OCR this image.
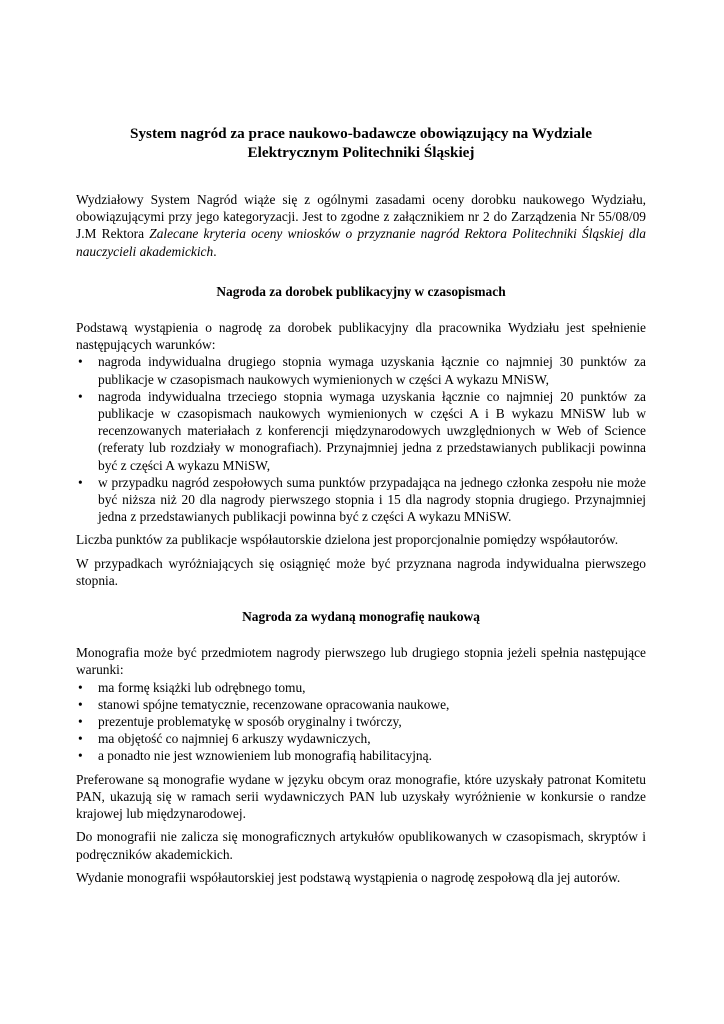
System nagród za prace naukowo-badawcze obowiązujący na Wydziale
Elektrycznym Politechniki Śląskiej

Wydziałowy System Nagród wiąże się z ogólnymi zasadami oceny dorobku naukowego Wydziału, obowiązującymi przy jego kategoryzacji. Jest to zgodne z załącznikiem nr 2 do Zarządzenia Nr 55/08/09 J.M Rektora Zalecane kryteria oceny wniosków o przyznanie nagród Rektora Politechniki Śląskiej dla nauczycieli akademickich.

Nagroda za dorobek publikacyjny w czasopismach

Podstawą wystąpienia o nagrodę za dorobek publikacyjny dla pracownika Wydziału jest spełnienie następujących warunków:

• nagroda indywidualna drugiego stopnia wymaga uzyskania łącznie co najmniej 30 punktów za publikacje w czasopismach naukowych wymienionych w części A wykazu MNiSW,
• nagroda indywidualna trzeciego stopnia wymaga uzyskania łącznie co najmniej 20 punktów za publikacje w czasopismach naukowych wymienionych w części A i B wykazu MNiSW lub w recenzowanych materiałach z konferencji międzynarodowych uwzględnionych w Web of Science (referaty lub rozdziały w monografiach). Przynajmniej jedna z przedstawianych publikacji powinna być z części A wykazu MNiSW,
• w przypadku nagród zespołowych suma punktów przypadająca na jednego członka zespołu nie może być niższa niż 20 dla nagrody pierwszego stopnia i 15 dla nagrody stopnia drugiego. Przynajmniej jedna z przedstawianych publikacji powinna być z części A wykazu MNiSW.

Liczba punktów za publikacje współautorskie dzielona jest proporcjonalnie pomiędzy współautorów.

W przypadkach wyróżniających się osiągnięć może być przyznana nagroda indywidualna pierwszego stopnia.

Nagroda za wydaną monografię naukową

Monografia może być przedmiotem nagrody pierwszego lub drugiego stopnia jeżeli spełnia następujące warunki:

• ma formę książki lub odrębnego tomu,
• stanowi spójne tematycznie, recenzowane opracowania naukowe,
• prezentuje problematykę w sposób oryginalny i twórczy,
• ma objętość co najmniej 6 arkuszy wydawniczych,
• a ponadto nie jest wznowieniem lub monografią habilitacyjną.

Preferowane są monografie wydane w języku obcym oraz monografie, które uzyskały patronat Komitetu PAN, ukazują się w ramach serii wydawniczych PAN lub uzyskały wyróżnienie w konkursie o randze krajowej lub międzynarodowej.

Do monografii nie zalicza się monograficznych artykułów opublikowanych w czasopismach, skryptów i podręczników akademickich.

Wydanie monografii współautorskiej jest podstawą wystąpienia o nagrodę zespołową dla jej autorów.
